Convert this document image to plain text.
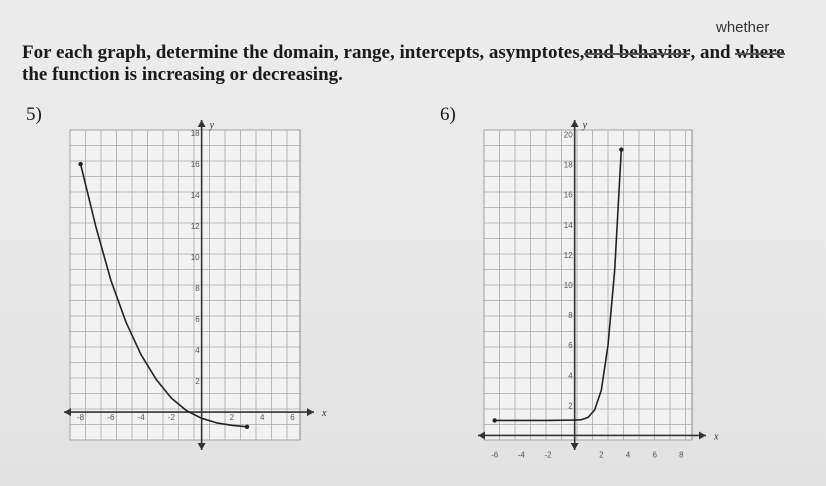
whether
For each graph, determine the domain, range, intercepts, asymptotes,end behavior, and where
the function is increasing or decreasing.
5)	6)
x
y
-8	-6	-4	-2	2	4	6
2
4
6
8
10
12
14
16
18
x
y
-6 -4 -2	2	4	6	8
2
4
6
8
10
12
14
16
18
20
